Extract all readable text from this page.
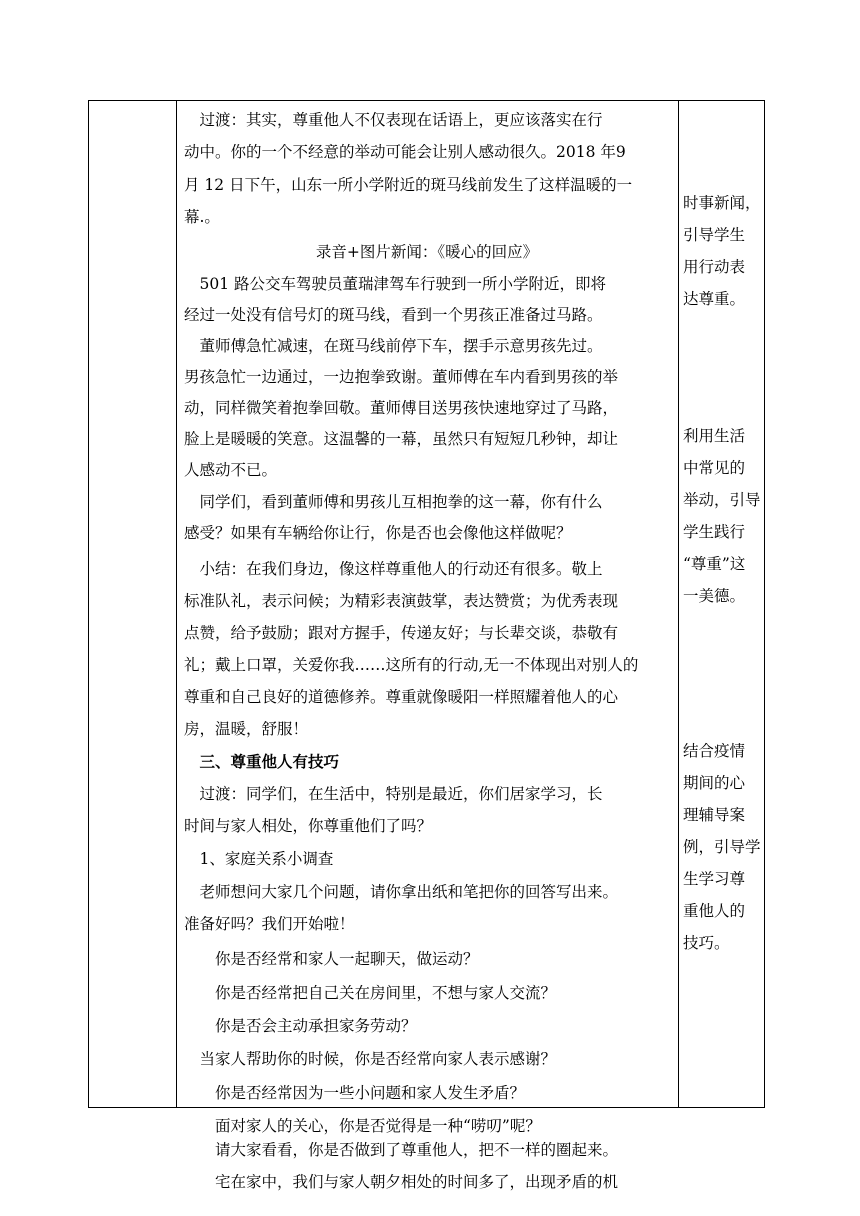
　过渡：其实，尊重他人不仅表现在话语上，更应该落实在行
动中。你的一个不经意的举动可能会让别人感动很久。2018 年9
月 12 日下午，山东一所小学附近的斑马线前发生了这样温暖的一
幕.。
录音+图片新闻：《暖心的回应》
　501 路公交车驾驶员董瑞津驾车行驶到一所小学附近，即将
经过一处没有信号灯的斑马线，看到一个男孩正准备过马路。
　董师傅急忙减速，在斑马线前停下车，摆手示意男孩先过。
男孩急忙一边通过，一边抱拳致谢。董师傅在车内看到男孩的举
动，同样微笑着抱拳回敬。董师傅目送男孩快速地穿过了马路，
脸上是暖暖的笑意。这温馨的一幕，虽然只有短短几秒钟，却让
人感动不已。
　同学们，看到董师傅和男孩儿互相抱拳的这一幕，你有什么
感受？如果有车辆给你让行，你是否也会像他这样做呢？
　小结：在我们身边，像这样尊重他人的行动还有很多。敬上
标准队礼，表示问候；为精彩表演鼓掌，表达赞赏；为优秀表现
点赞，给予鼓励；跟对方握手，传递友好；与长辈交谈，恭敬有
礼；戴上口罩，关爱你我……这所有的行动,无一不体现出对别人的
尊重和自己良好的道德修养。尊重就像暖阳一样照耀着他人的心
房，温暖，舒服！
　三、尊重他人有技巧
　过渡：同学们，在生活中，特别是最近，你们居家学习，长
时间与家人相处，你尊重他们了吗？
　1、家庭关系小调查
　老师想问大家几个问题，请你拿出纸和笔把你的回答写出来。
准备好吗？我们开始啦！
　　你是否经常和家人一起聊天，做运动？
　　你是否经常把自己关在房间里，不想与家人交流？
　　你是否会主动承担家务劳动？
　当家人帮助你的时候，你是否经常向家人表示感谢？
　　你是否经常因为一些小问题和家人发生矛盾？
　　面对家人的关心，你是否觉得是一种“唠叨”呢？
　　请大家看看，你是否做到了尊重他人，把不一样的圈起来。
　　宅在家中，我们与家人朝夕相处的时间多了，出现矛盾的机
时事新闻，
引导学生
用行动表
达尊重。
利用生活
中常见的
举动，引导
学生践行
“尊重”这
一美德。
结合疫情
期间的心
理辅导案
例，引导学
生学习尊
重他人的
技巧。
